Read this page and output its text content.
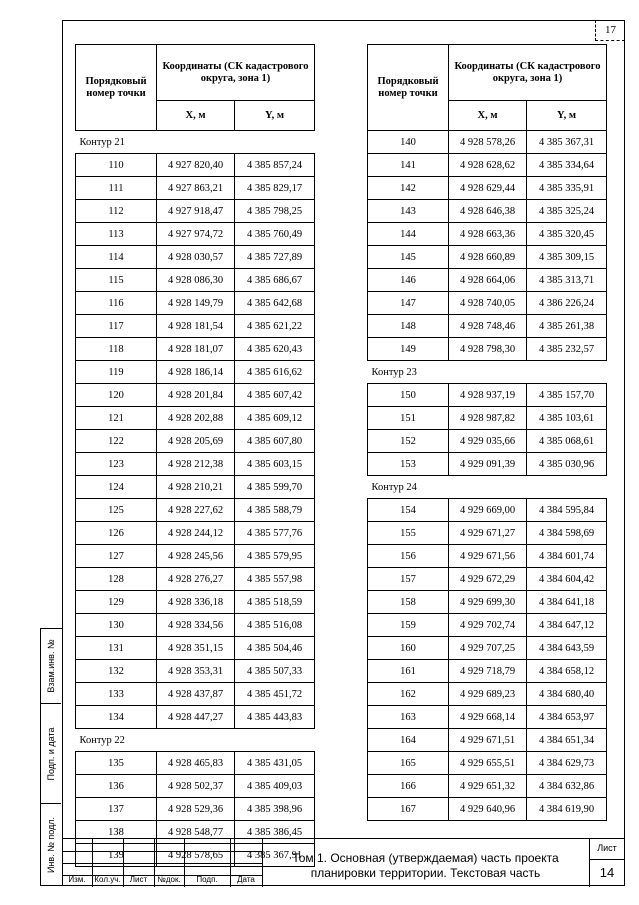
17
Порядковый номер точки	Координаты (СК кадастрового округа, зона 1)	
	X, м	Y, м
Контур 21		
110	4 927 820,40	4 385 857,24
111	4 927 863,21	4 385 829,17
112	4 927 918,47	4 385 798,25
113	4 927 974,72	4 385 760,49
114	4 928 030,57	4 385 727,89
115	4 928 086,30	4 385 686,67
116	4 928 149,79	4 385 642,68
117	4 928 181,54	4 385 621,22
118	4 928 181,07	4 385 620,43
119	4 928 186,14	4 385 616,62
120	4 928 201,84	4 385 607,42
121	4 928 202,88	4 385 609,12
122	4 928 205,69	4 385 607,80
123	4 928 212,38	4 385 603,15
124	4 928 210,21	4 385 599,70
125	4 928 227,62	4 385 588,79
126	4 928 244,12	4 385 577,76
127	4 928 245,56	4 385 579,95
128	4 928 276,27	4 385 557,98
129	4 928 336,18	4 385 518,59
130	4 928 334,56	4 385 516,08
131	4 928 351,15	4 385 504,46
132	4 928 353,31	4 385 507,33
133	4 928 437,87	4 385 451,72
134	4 928 447,27	4 385 443,83
Контур 22		
135	4 928 465,83	4 385 431,05
136	4 928 502,37	4 385 409,03
137	4 928 529,36	4 385 398,96
138	4 928 548,77	4 385 386,45
139	4 928 578,65	4 385 367,91
Порядковый номер точки	Координаты (СК кадастрового округа, зона 1)	
	X, м	Y, м
140	4 928 578,26	4 385 367,31
141	4 928 628,62	4 385 334,64
142	4 928 629,44	4 385 335,91
143	4 928 646,38	4 385 325,24
144	4 928 663,36	4 385 320,45
145	4 928 660,89	4 385 309,15
146	4 928 664,06	4 385 313,71
147	4 928 740,05	4 386 226,24
148	4 928 748,46	4 385 261,38
149	4 928 798,30	4 385 232,57
Контур 23		
150	4 928 937,19	4 385 157,70
151	4 928 987,82	4 385 103,61
152	4 929 035,66	4 385 068,61
153	4 929 091,39	4 385 030,96
Контур 24		
154	4 929 669,00	4 384 595,84
155	4 929 671,27	4 384 598,69
156	4 929 671,56	4 384 601,74
157	4 929 672,29	4 384 604,42
158	4 929 699,30	4 384 641,18
159	4 929 702,74	4 384 647,12
160	4 929 707,25	4 384 643,59
161	4 929 718,79	4 384 658,12
162	4 929 689,23	4 384 680,40
163	4 929 668,14	4 384 653,97
164	4 929 671,51	4 384 651,34
165	4 929 655,51	4 384 629,73
166	4 929 651,32	4 384 632,86
167	4 929 640,96	4 384 619,90
Взам.инв. №
Подп. и дата
Инв. № подл.
Изм.	Кол.уч.	Лист	№док.	Подп.	Дата
Том 1. Основная (утверждаемая) часть проекта планировки территории. Текстовая часть
Лист
14
